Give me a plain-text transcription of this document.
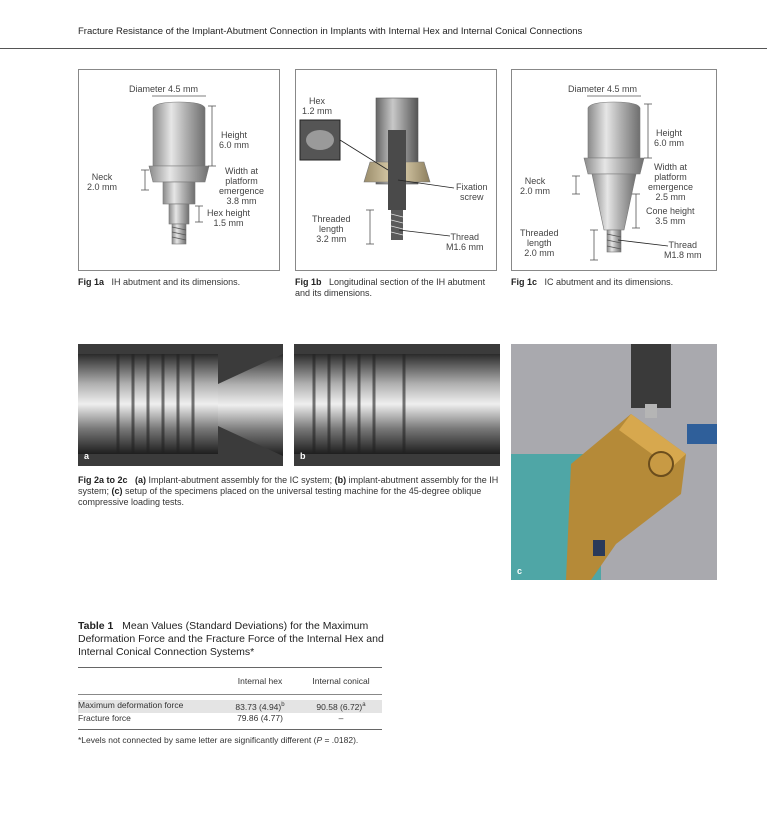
Fracture Resistance of the Implant-Abutment Connection in Implants with Internal Hex and Internal Conical Connections
Diameter 4.5 mm
Height
6.0 mm
Neck
2.0 mm
Width at
platform
emergence
3.8 mm
Hex height
1.5 mm
Fig 1a IH abutment and its dimensions.
Hex
1.2 mm
Fixation
screw
Threaded
length
3.2 mm	Thread
M1.6 mm
Fig 1b Longitudinal section of the IH abutment and its dimensions.
Diameter 4.5 mm
Height
6.0 mm
Neck
2.0 mm
Width at
platform
emergence
2.5 mm
Cone height
3.5 mm
Threaded
length
2.0 mm
Thread
M1.8 mm
Fig 1c IC abutment and its dimensions.
a	b
c
Fig 2a to 2c (a) Implant-abutment assembly for the IC system; (b) implant-abutment assembly for the IH system; (c) setup of the specimens placed on the universal testing machine for the 45-degree oblique compressive loading tests.
Table 1 Mean Values (Standard Deviations) for the Maximum Deformation Force and the Fracture Force of the Internal Hex and Internal Conical Connection Systems*
Internal hex	Internal conical
Maximum deformation force	83.73 $(4.94)^b$	90.58 $(6.72)^a$
Fracture force	79.86 (4.77)	–
*Levels not connected by same letter are significantly different (P = .0182).
